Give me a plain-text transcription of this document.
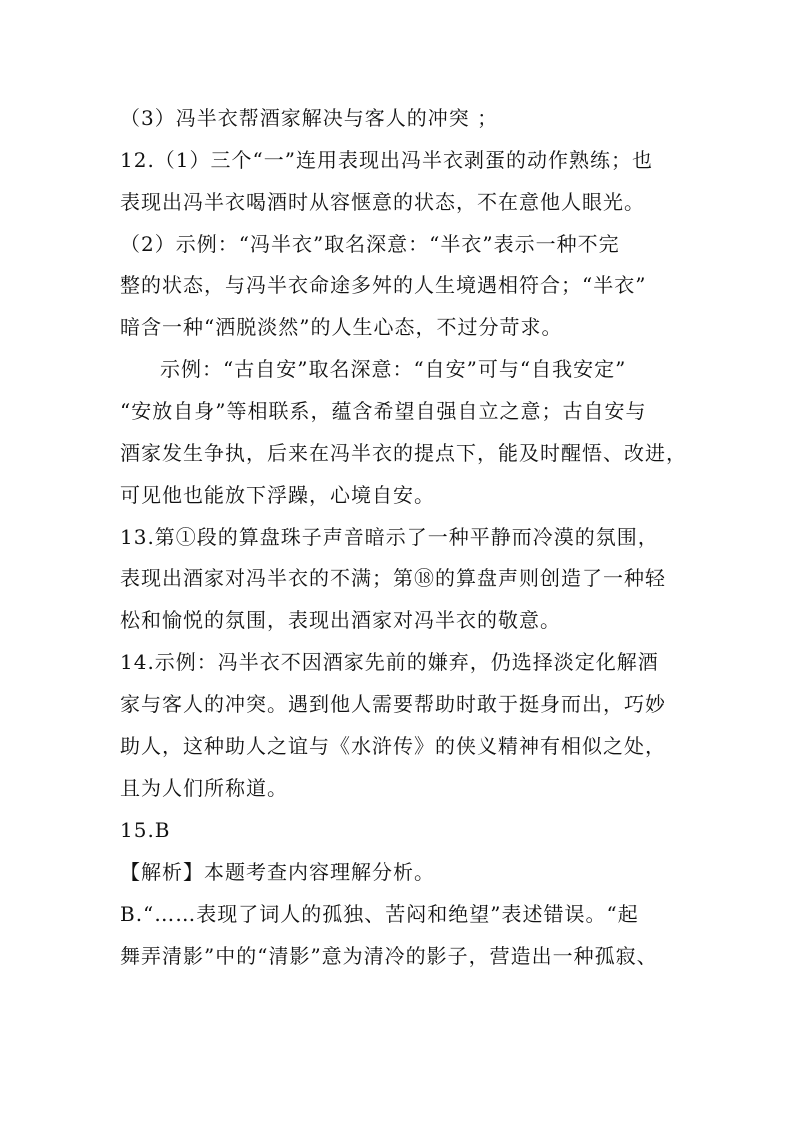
（3）冯半衣帮酒家解决与客人的冲突 ；
12.（1）三个“一”连用表现出冯半衣剥蛋的动作熟练；也
表现出冯半衣喝酒时从容惬意的状态，不在意他人眼光。
（2）示例：“冯半衣”取名深意：“半衣”表示一种不完
整的状态，与冯半衣命途多舛的人生境遇相符合；“半衣”
暗含一种“洒脱淡然”的人生心态，不过分苛求。
示例：“古自安”取名深意：“自安”可与“自我安定”
“安放自身”等相联系，蕴含希望自强自立之意；古自安与
酒家发生争执，后来在冯半衣的提点下，能及时醒悟、改进，
可见他也能放下浮躁，心境自安。
13.第①段的算盘珠子声音暗示了一种平静而冷漠的氛围，
表现出酒家对冯半衣的不满；第⑱的算盘声则创造了一种轻
松和愉悦的氛围，表现出酒家对冯半衣的敬意。
14.示例：冯半衣不因酒家先前的嫌弃，仍选择淡定化解酒
家与客人的冲突。遇到他人需要帮助时敢于挺身而出，巧妙
助人，这种助人之谊与《水浒传》的侠义精神有相似之处，
且为人们所称道。
15.B
【解析】本题考查内容理解分析。
B.“……表现了词人的孤独、苦闷和绝望”表述错误。“起
舞弄清影”中的“清影”意为清冷的影子，营造出一种孤寂、
